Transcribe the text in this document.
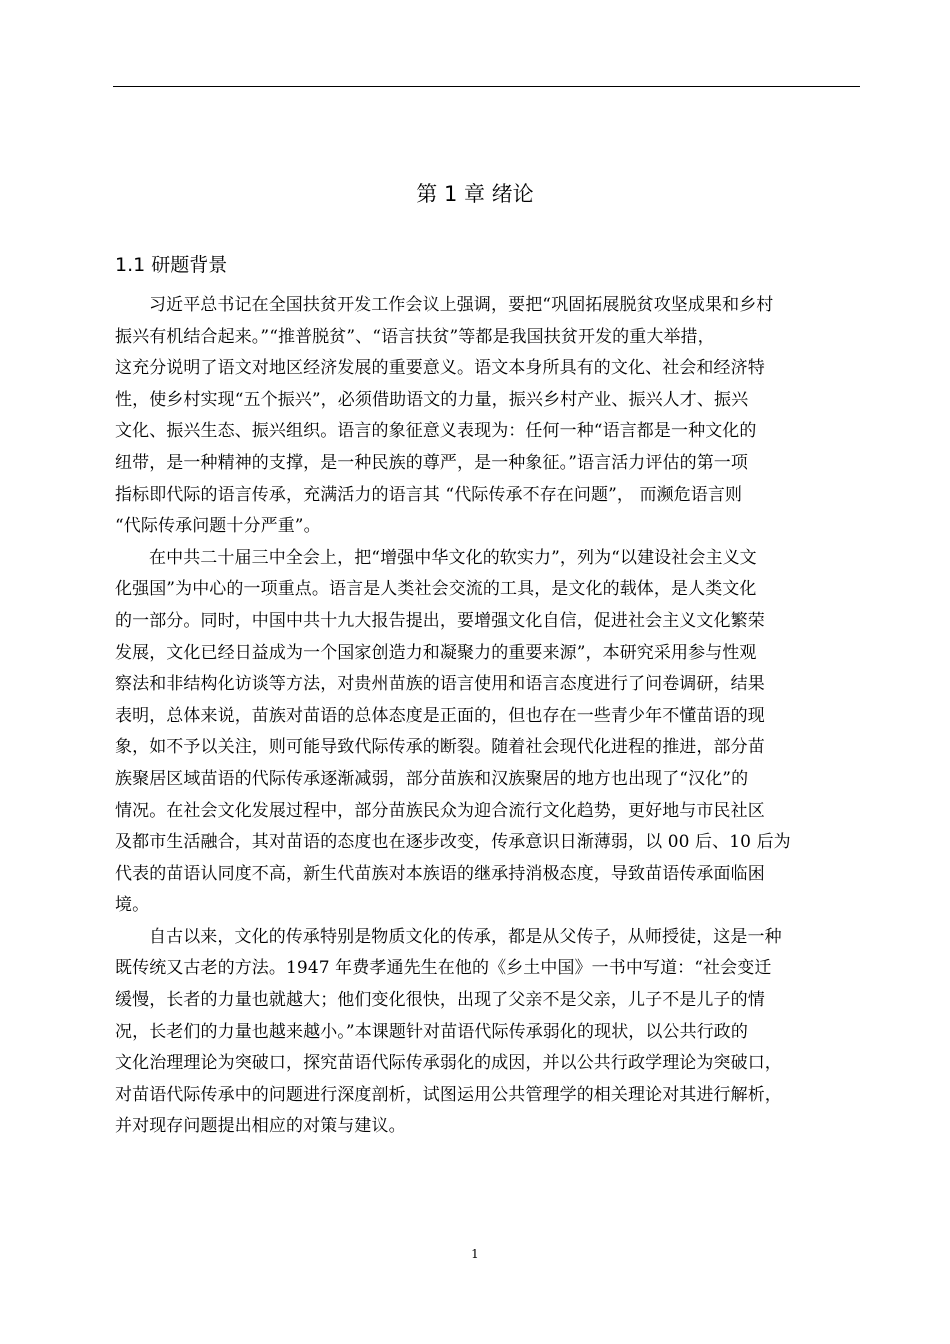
第 1 章 绪论
1.1 研题背景
习近平总书记在全国扶贫开发工作会议上强调，要把“巩固拓展脱贫攻坚成果和乡村
振兴有机结合起来。”“推普脱贫”、“语言扶贫”等都是我国扶贫开发的重大举措，
这充分说明了语文对地区经济发展的重要意义。语文本身所具有的文化、社会和经济特
性，使乡村实现“五个振兴”，必须借助语文的力量，振兴乡村产业、振兴人才、振兴
文化、振兴生态、振兴组织。语言的象征意义表现为：任何一种“语言都是一种文化的
纽带，是一种精神的支撑，是一种民族的尊严，是一种象征。”语言活力评估的第一项
指标即代际的语言传承，充满活力的语言其 “代际传承不存在问题”， 而濒危语言则
“代际传承问题十分严重”。
在中共二十届三中全会上，把“增强中华文化的软实力”，列为“以建设社会主义文
化强国”为中心的一项重点。语言是人类社会交流的工具，是文化的载体，是人类文化
的一部分。同时，中国中共十九大报告提出，要增强文化自信，促进社会主义文化繁荣
发展，文化已经日益成为一个国家创造力和凝聚力的重要来源”，本研究采用参与性观
察法和非结构化访谈等方法，对贵州苗族的语言使用和语言态度进行了问卷调研，结果
表明，总体来说，苗族对苗语的总体态度是正面的，但也存在一些青少年不懂苗语的现
象，如不予以关注，则可能导致代际传承的断裂。随着社会现代化进程的推进，部分苗
族聚居区域苗语的代际传承逐渐减弱，部分苗族和汉族聚居的地方也出现了“汉化”的
情况。在社会文化发展过程中，部分苗族民众为迎合流行文化趋势，更好地与市民社区
及都市生活融合，其对苗语的态度也在逐步改变，传承意识日渐薄弱，以 00 后、10 后为
代表的苗语认同度不高，新生代苗族对本族语的继承持消极态度，导致苗语传承面临困
境。
自古以来，文化的传承特别是物质文化的传承，都是从父传子，从师授徒，这是一种
既传统又古老的方法。1947 年费孝通先生在他的《乡土中国》一书中写道：“社会变迁
缓慢，长者的力量也就越大；他们变化很快，出现了父亲不是父亲，儿子不是儿子的情
况，长老们的力量也越来越小。”本课题针对苗语代际传承弱化的现状，以公共行政的
文化治理理论为突破口，探究苗语代际传承弱化的成因，并以公共行政学理论为突破口，
对苗语代际传承中的问题进行深度剖析，试图运用公共管理学的相关理论对其进行解析，
并对现存问题提出相应的对策与建议。
1
